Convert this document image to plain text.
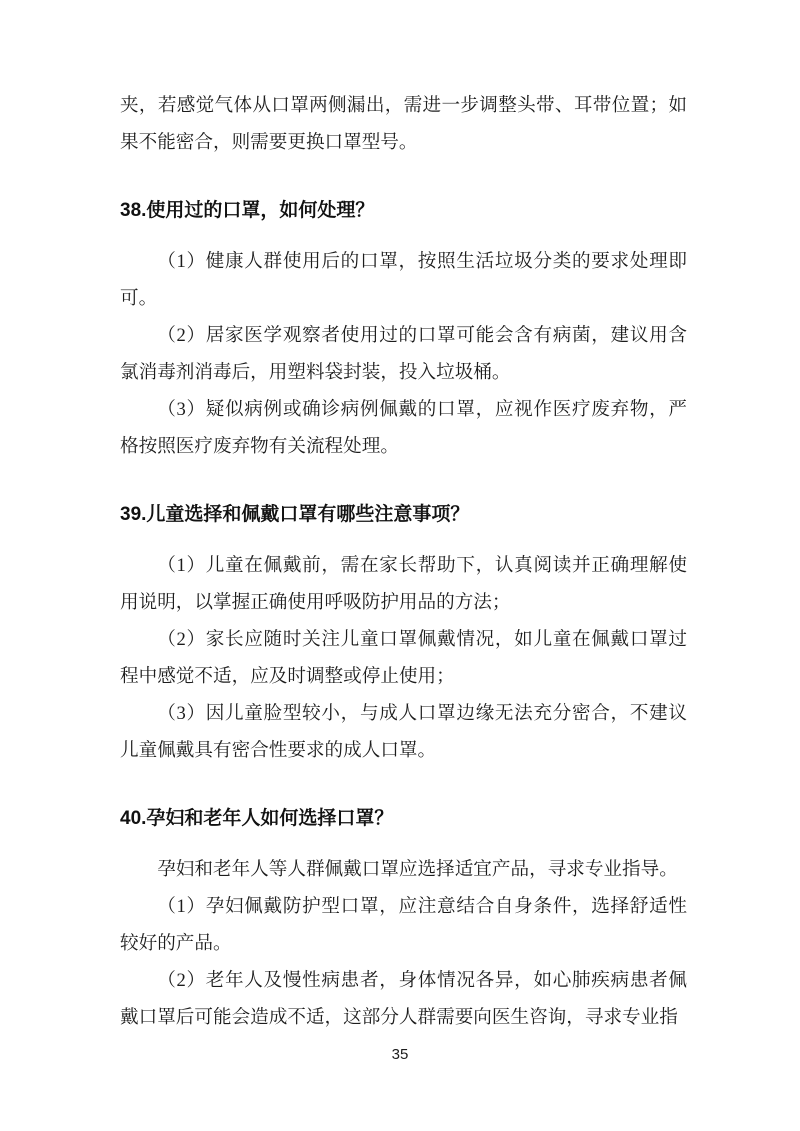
夹，若感觉气体从口罩两侧漏出，需进一步调整头带、耳带位置；如果不能密合，则需要更换口罩型号。

38.使用过的口罩，如何处理？

（1）健康人群使用后的口罩，按照生活垃圾分类的要求处理即可。

（2）居家医学观察者使用过的口罩可能会含有病菌，建议用含氯消毒剂消毒后，用塑料袋封装，投入垃圾桶。

（3）疑似病例或确诊病例佩戴的口罩，应视作医疗废弃物，严格按照医疗废弃物有关流程处理。

39.儿童选择和佩戴口罩有哪些注意事项？

（1）儿童在佩戴前，需在家长帮助下，认真阅读并正确理解使用说明，以掌握正确使用呼吸防护用品的方法；

（2）家长应随时关注儿童口罩佩戴情况，如儿童在佩戴口罩过程中感觉不适，应及时调整或停止使用；

（3）因儿童脸型较小，与成人口罩边缘无法充分密合，不建议儿童佩戴具有密合性要求的成人口罩。

40.孕妇和老年人如何选择口罩？

孕妇和老年人等人群佩戴口罩应选择适宜产品，寻求专业指导。

（1）孕妇佩戴防护型口罩，应注意结合自身条件，选择舒适性较好的产品。

（2）老年人及慢性病患者，身体情况各异，如心肺疾病患者佩戴口罩后可能会造成不适，这部分人群需要向医生咨询，寻求专业指

35
